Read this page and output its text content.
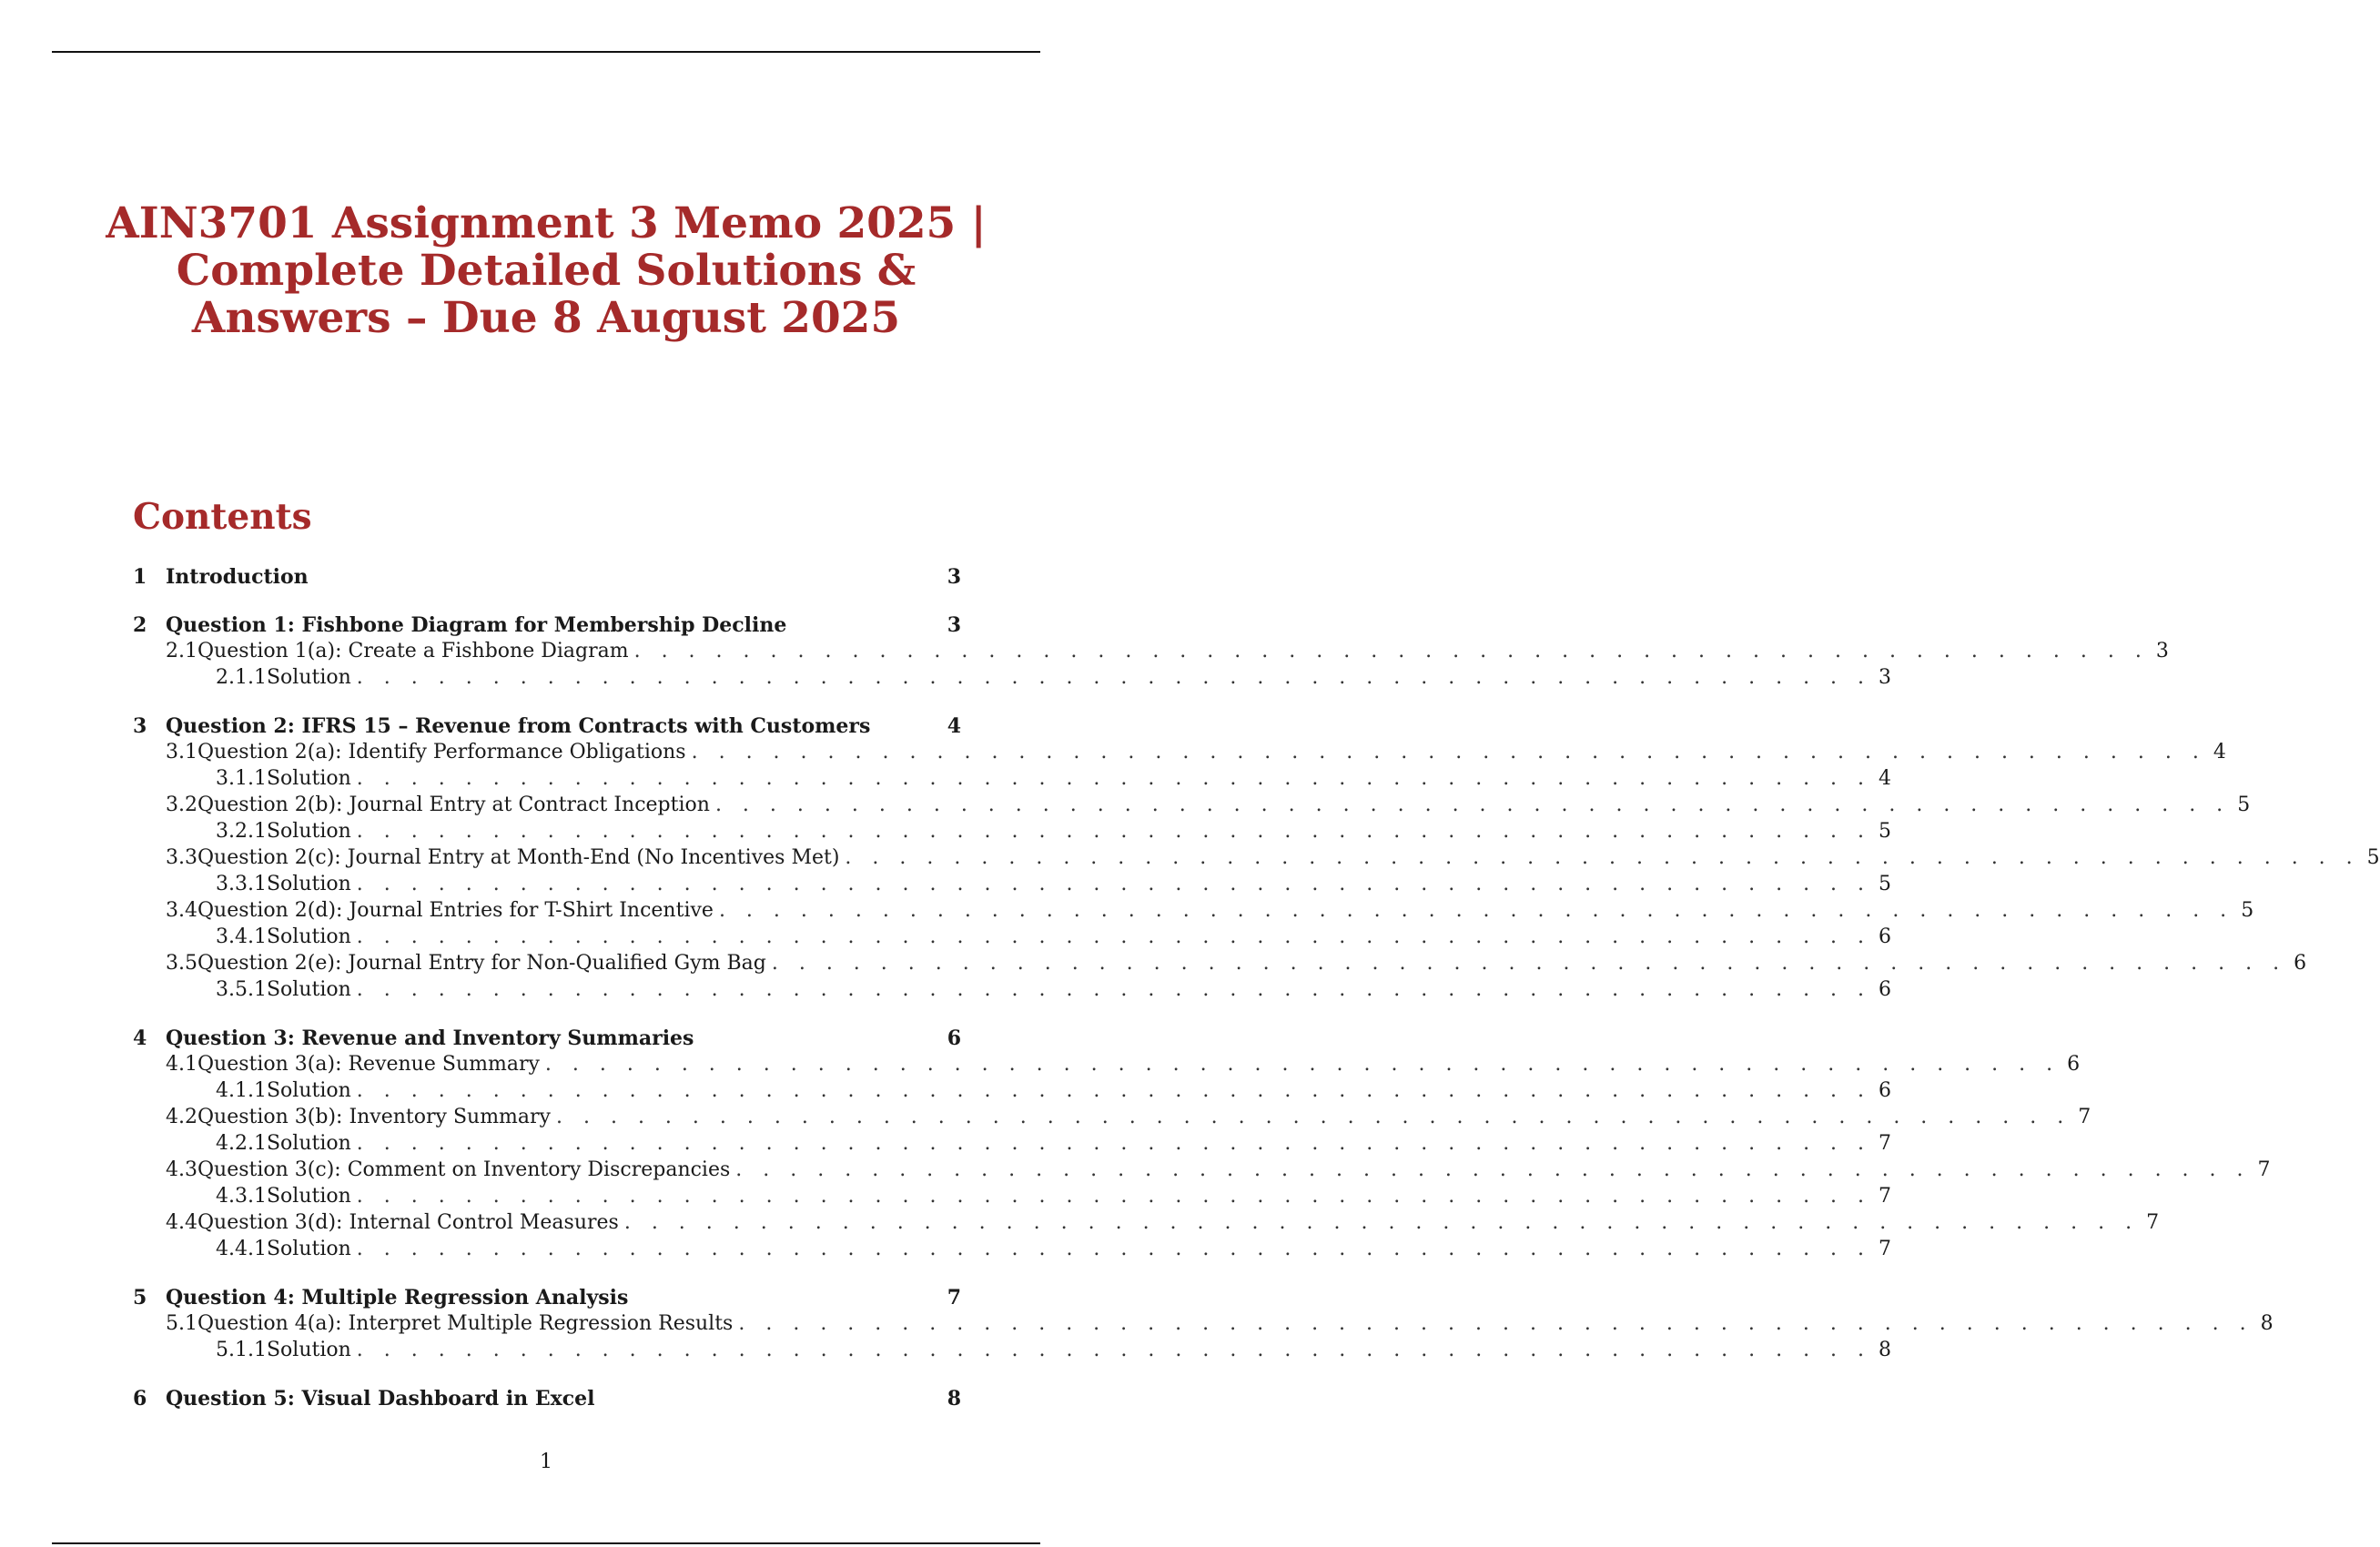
AIN3701 Assignment 3 Memo 2025 |
Complete Detailed Solutions &
Answers – Due 8 August 2025
Contents
1 Introduction	3
2 Question 1: Fishbone Diagram for Membership Decline	3
2.1 Question 1(a): Create a Fishbone Diagram . . . . . . . . . . . . . . . . . . . . . . . . . . . . . . . . . . . . . . . . . . . . . . . . . . . . . . . . 3
2.1.1 Solution . . . . . . . . . . . . . . . . . . . . . . . . . . . . . . . . . . . . . . . . . . . . . . . . . . . . . . . . 3
3 Question 2: IFRS 15 – Revenue from Contracts with Customers	4
3.1 Question 2(a): Identify Performance Obligations . . . . . . . . . . . . . . . . . . . . . . . . . . . . . . . . . . . . . . . . . . . . . . . . . . . . . . . . 4
3.1.1 Solution . . . . . . . . . . . . . . . . . . . . . . . . . . . . . . . . . . . . . . . . . . . . . . . . . . . . . . . . 4
3.2 Question 2(b): Journal Entry at Contract Inception . . . . . . . . . . . . . . . . . . . . . . . . . . . . . . . . . . . . . . . . . . . . . . . . . . . . . . . . 5
3.2.1 Solution . . . . . . . . . . . . . . . . . . . . . . . . . . . . . . . . . . . . . . . . . . . . . . . . . . . . . . . . 5
3.3 Question 2(c): Journal Entry at Month-End (No Incentives Met) . . . . . . . . . . . . . . . . . . . . . . . . . . . . . . . . . . . . . . . . . . . . . . . . . . . . . . . . 5
3.3.1 Solution . . . . . . . . . . . . . . . . . . . . . . . . . . . . . . . . . . . . . . . . . . . . . . . . . . . . . . . . 5
3.4 Question 2(d): Journal Entries for T-Shirt Incentive . . . . . . . . . . . . . . . . . . . . . . . . . . . . . . . . . . . . . . . . . . . . . . . . . . . . . . . . 5
3.4.1 Solution . . . . . . . . . . . . . . . . . . . . . . . . . . . . . . . . . . . . . . . . . . . . . . . . . . . . . . . . 6
3.5 Question 2(e): Journal Entry for Non-Qualified Gym Bag . . . . . . . . . . . . . . . . . . . . . . . . . . . . . . . . . . . . . . . . . . . . . . . . . . . . . . . . 6
3.5.1 Solution . . . . . . . . . . . . . . . . . . . . . . . . . . . . . . . . . . . . . . . . . . . . . . . . . . . . . . . . 6
4 Question 3: Revenue and Inventory Summaries	6
4.1 Question 3(a): Revenue Summary . . . . . . . . . . . . . . . . . . . . . . . . . . . . . . . . . . . . . . . . . . . . . . . . . . . . . . . . 6
4.1.1 Solution . . . . . . . . . . . . . . . . . . . . . . . . . . . . . . . . . . . . . . . . . . . . . . . . . . . . . . . . 6
4.2 Question 3(b): Inventory Summary . . . . . . . . . . . . . . . . . . . . . . . . . . . . . . . . . . . . . . . . . . . . . . . . . . . . . . . . 7
4.2.1 Solution . . . . . . . . . . . . . . . . . . . . . . . . . . . . . . . . . . . . . . . . . . . . . . . . . . . . . . . . 7
4.3 Question 3(c): Comment on Inventory Discrepancies . . . . . . . . . . . . . . . . . . . . . . . . . . . . . . . . . . . . . . . . . . . . . . . . . . . . . . . . 7
4.3.1 Solution . . . . . . . . . . . . . . . . . . . . . . . . . . . . . . . . . . . . . . . . . . . . . . . . . . . . . . . . 7
4.4 Question 3(d): Internal Control Measures . . . . . . . . . . . . . . . . . . . . . . . . . . . . . . . . . . . . . . . . . . . . . . . . . . . . . . . . 7
4.4.1 Solution . . . . . . . . . . . . . . . . . . . . . . . . . . . . . . . . . . . . . . . . . . . . . . . . . . . . . . . . 7
5 Question 4: Multiple Regression Analysis	7
5.1 Question 4(a): Interpret Multiple Regression Results . . . . . . . . . . . . . . . . . . . . . . . . . . . . . . . . . . . . . . . . . . . . . . . . . . . . . . . . 8
5.1.1 Solution . . . . . . . . . . . . . . . . . . . . . . . . . . . . . . . . . . . . . . . . . . . . . . . . . . . . . . . . 8
6 Question 5: Visual Dashboard in Excel	8
1
